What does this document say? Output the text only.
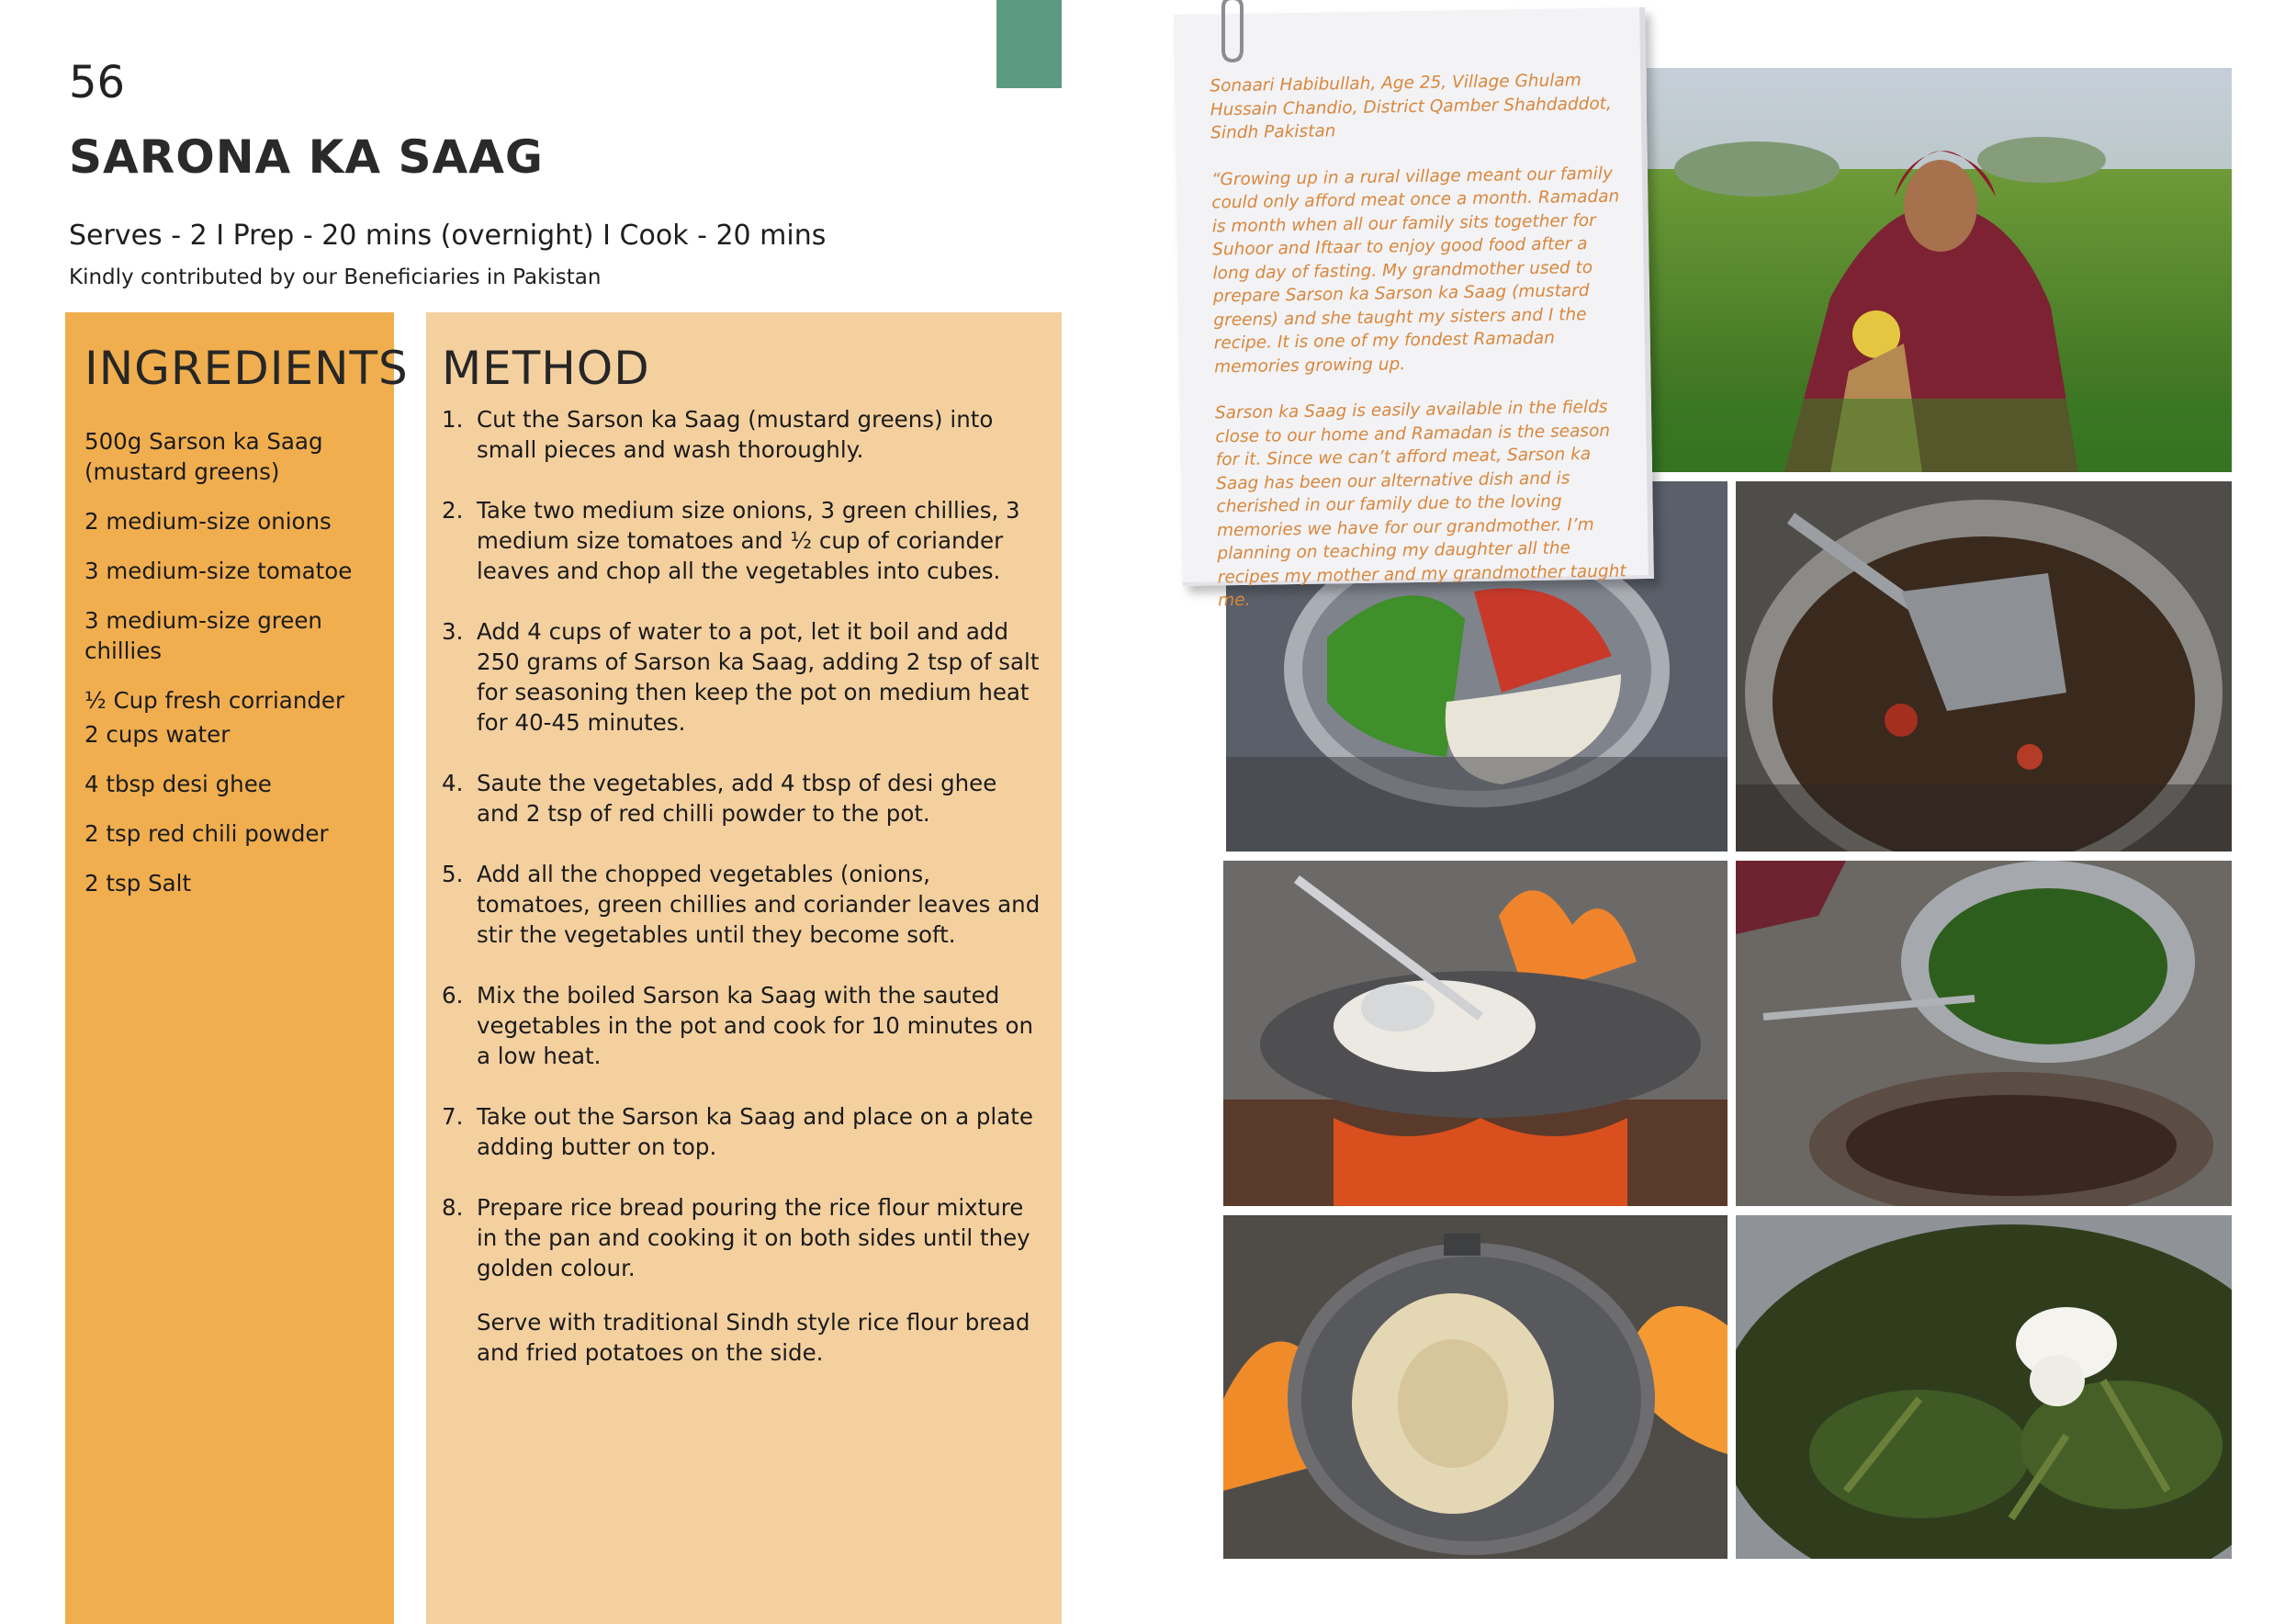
56
SARONA KA SAAG
Serves - 2 I Prep - 20 mins (overnight) I Cook - 20 mins
Kindly contributed by our Beneficiaries in Pakistan
INGREDIENTS
500g Sarson ka Saag (mustard greens)
2 medium-size onions
3 medium-size tomatoe
3 medium-size green chillies
½ Cup fresh corriander
2 cups water
4 tbsp desi ghee
2 tsp red chili powder
2 tsp Salt
METHOD
1. Cut the Sarson ka Saag (mustard greens) into small pieces and wash thoroughly.
2. Take two medium size onions, 3 green chillies, 3 medium size tomatoes and ½ cup of coriander leaves and chop all the vegetables into cubes.
3. Add 4 cups of water to a pot, let it boil and add 250 grams of Sarson ka Saag, adding 2 tsp of salt for seasoning then keep the pot on medium heat for 40-45 minutes.
4. Saute the vegetables, add 4 tbsp of desi ghee and 2 tsp of red chilli powder to the pot.
5. Add all the chopped vegetables (onions, tomatoes, green chillies and coriander leaves and stir the vegetables until they become soft.
6. Mix the boiled Sarson ka Saag with the sauted vegetables in the pot and cook for 10 minutes on a low heat.
7. Take out the Sarson ka Saag and place on a plate adding butter on top.
8. Prepare rice bread pouring the rice flour mixture in the pan and cooking it on both sides until they golden colour.
Serve with traditional Sindh style rice flour bread and fried potatoes on the side.

Sonaari Habibullah, Age 25, Village Ghulam Hussain Chandio, District Qamber Shahdaddot, Sindh Pakistan

“Growing up in a rural village meant our family could only afford meat once a month. Ramadan is month when all our family sits together for Suhoor and Iftaar to enjoy good food after a long day of fasting. My grandmother used to prepare Sarson ka Sarson ka Saag (mustard greens) and she taught my sisters and I the recipe. It is one of my fondest Ramadan memories growing up.

Sarson ka Saag is easily available in the fields close to our home and Ramadan is the season for it. Since we can’t afford meat, Sarson ka Saag has been our alternative dish and is cherished in our family due to the loving memories we have for our grandmother. I’m planning on teaching my daughter all the recipes my mother and my grandmother taught me.
